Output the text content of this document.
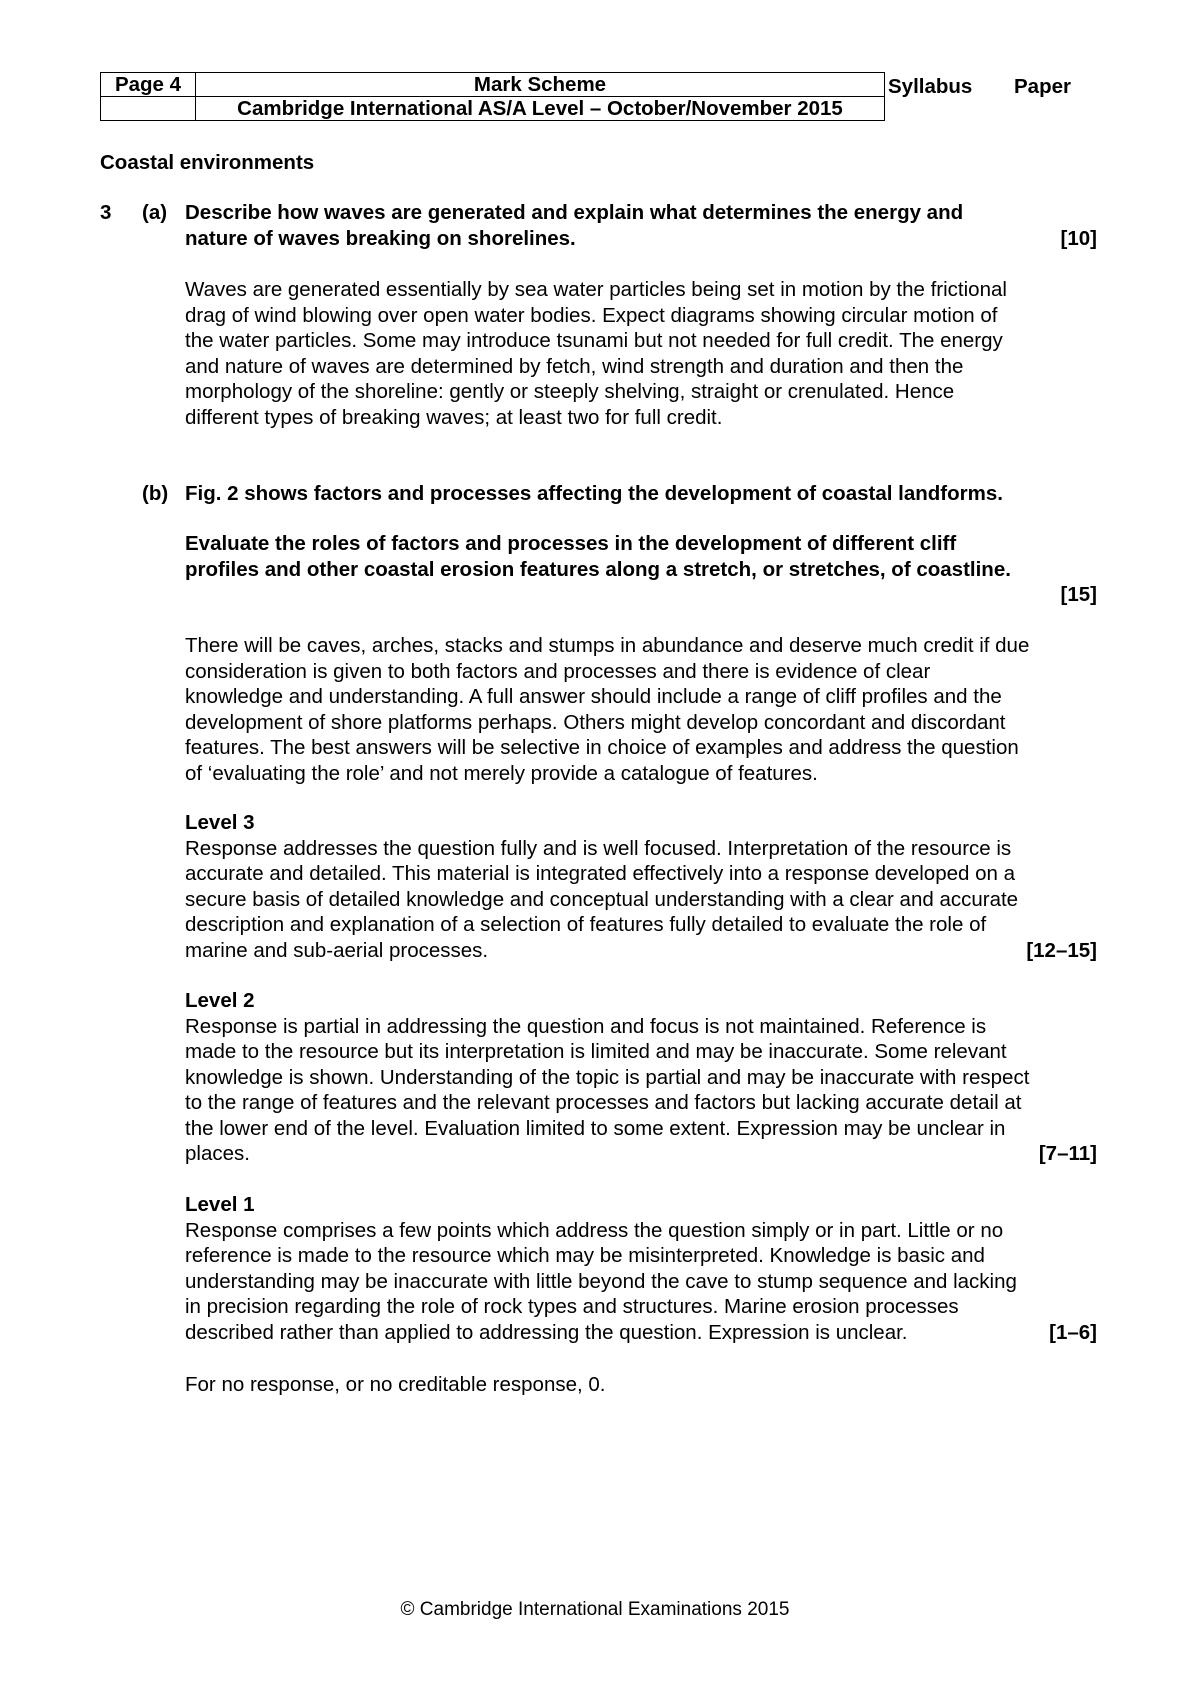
Page 4	Mark Scheme
	Cambridge International AS/A Level – October/November 2015
Syllabus Paper
Coastal environments
3 (a) Describe how waves are generated and explain what determines the energy and
nature of waves breaking on shorelines.	[10]
Waves are generated essentially by sea water particles being set in motion by the frictional
drag of wind blowing over open water bodies. Expect diagrams showing circular motion of
the water particles. Some may introduce tsunami but not needed for full credit. The energy
and nature of waves are determined by fetch, wind strength and duration and then the
morphology of the shoreline: gently or steeply shelving, straight or crenulated. Hence
different types of breaking waves; at least two for full credit.
(b) Fig. 2 shows factors and processes affecting the development of coastal landforms.
Evaluate the roles of factors and processes in the development of different cliff
profiles and other coastal erosion features along a stretch, or stretches, of coastline.
[15]
There will be caves, arches, stacks and stumps in abundance and deserve much credit if due
consideration is given to both factors and processes and there is evidence of clear
knowledge and understanding. A full answer should include a range of cliff profiles and the
development of shore platforms perhaps. Others might develop concordant and discordant
features. The best answers will be selective in choice of examples and address the question
of ‘evaluating the role’ and not merely provide a catalogue of features.
Level 3
Response addresses the question fully and is well focused. Interpretation of the resource is
accurate and detailed. This material is integrated effectively into a response developed on a
secure basis of detailed knowledge and conceptual understanding with a clear and accurate
description and explanation of a selection of features fully detailed to evaluate the role of
marine and sub-aerial processes.	[12–15]
Level 2
Response is partial in addressing the question and focus is not maintained. Reference is
made to the resource but its interpretation is limited and may be inaccurate. Some relevant
knowledge is shown. Understanding of the topic is partial and may be inaccurate with respect
to the range of features and the relevant processes and factors but lacking accurate detail at
the lower end of the level. Evaluation limited to some extent. Expression may be unclear in
places.	[7–11]
Level 1
Response comprises a few points which address the question simply or in part. Little or no
reference is made to the resource which may be misinterpreted. Knowledge is basic and
understanding may be inaccurate with little beyond the cave to stump sequence and lacking
in precision regarding the role of rock types and structures. Marine erosion processes
described rather than applied to addressing the question. Expression is unclear.	[1–6]
For no response, or no creditable response, 0.
© Cambridge International Examinations 2015
